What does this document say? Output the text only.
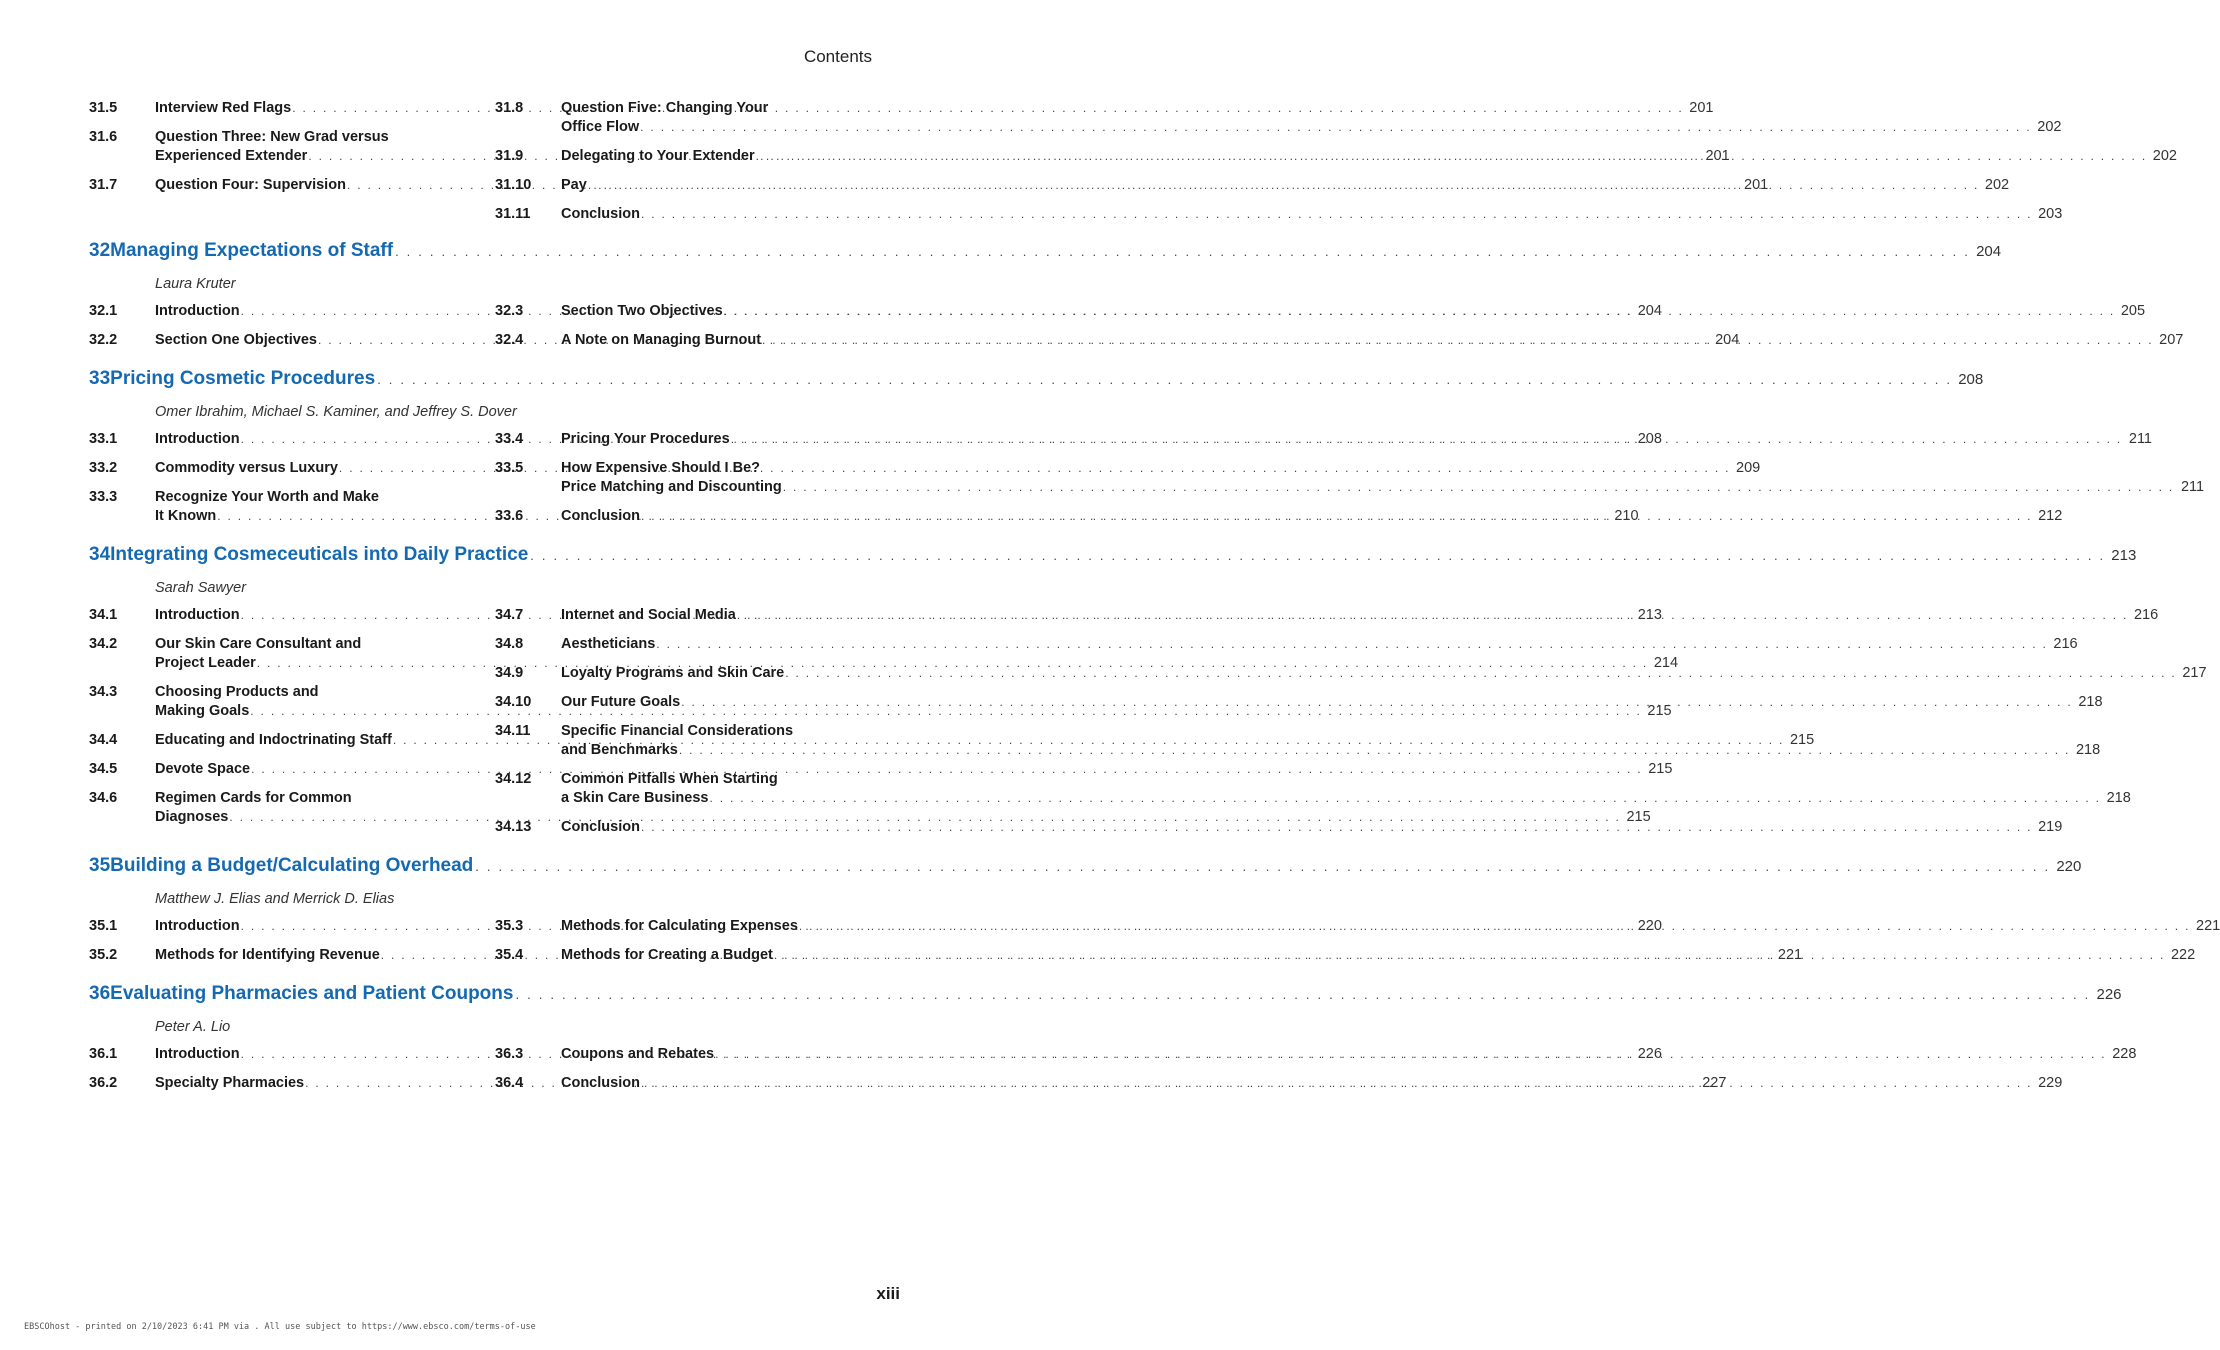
Contents
31.5	Interview Red Flags . . .	201
31.6	Question Three: New Grad versus
Experienced Extender . . .	201
31.7	Question Four: Supervision . . .	201
31.8	Question Five: Changing Your
Office Flow . . .	202
31.9	Delegating to Your Extender . . .	202
31.10	Pay . . .	202
31.11	Conclusion . . .	203
32 Managing Expectations of Staff . . .	204
Laura Kruter
32.1	Introduction . . .	204
32.2	Section One Objectives . . .	204
32.3	Section Two Objectives . . .	205
32.4	A Note on Managing Burnout . . .	207
33 Pricing Cosmetic Procedures . . .	208
Omer Ibrahim, Michael S. Kaminer, and Jeffrey S. Dover
33.1	Introduction . . .	208
33.2	Commodity versus Luxury . . .	209
33.3	Recognize Your Worth and Make
It Known . . .	210
33.4	Pricing Your Procedures . . .	211
33.5	How Expensive Should I Be?
Price Matching and Discounting . . .	211
33.6	Conclusion . . .	212
34 Integrating Cosmeceuticals into Daily Practice . . .	213
Sarah Sawyer
34.1	Introduction . . .	213
34.2	Our Skin Care Consultant and
Project Leader . . .	214
34.3	Choosing Products and
Making Goals . . .	215
34.4	Educating and Indoctrinating Staff . . .	215
34.5	Devote Space . . .	215
34.6	Regimen Cards for Common
Diagnoses . . .	215
34.7	Internet and Social Media . . .	216
34.8	Aestheticians . . .	216
34.9	Loyalty Programs and Skin Care . . .	217
34.10	Our Future Goals . . .	218
34.11	Specific Financial Considerations
and Benchmarks . . .	218
34.12	Common Pitfalls When Starting
a Skin Care Business . . .	218
34.13	Conclusion . . .	219
35 Building a Budget/Calculating Overhead . . .	220
Matthew J. Elias and Merrick D. Elias
35.1	Introduction . . .	220
35.2	Methods for Identifying Revenue . . .	221
35.3	Methods for Calculating Expenses . . .	221
35.4	Methods for Creating a Budget . . .	222
36 Evaluating Pharmacies and Patient Coupons . . .	226
Peter A. Lio
36.1	Introduction . . .	226
36.2	Specialty Pharmacies . . .	227
36.3	Coupons and Rebates . . .	228
36.4	Conclusion . . .	229
xiii
EBSCOhost - printed on 2/10/2023 6:41 PM via . All use subject to https://www.ebsco.com/terms-of-use
